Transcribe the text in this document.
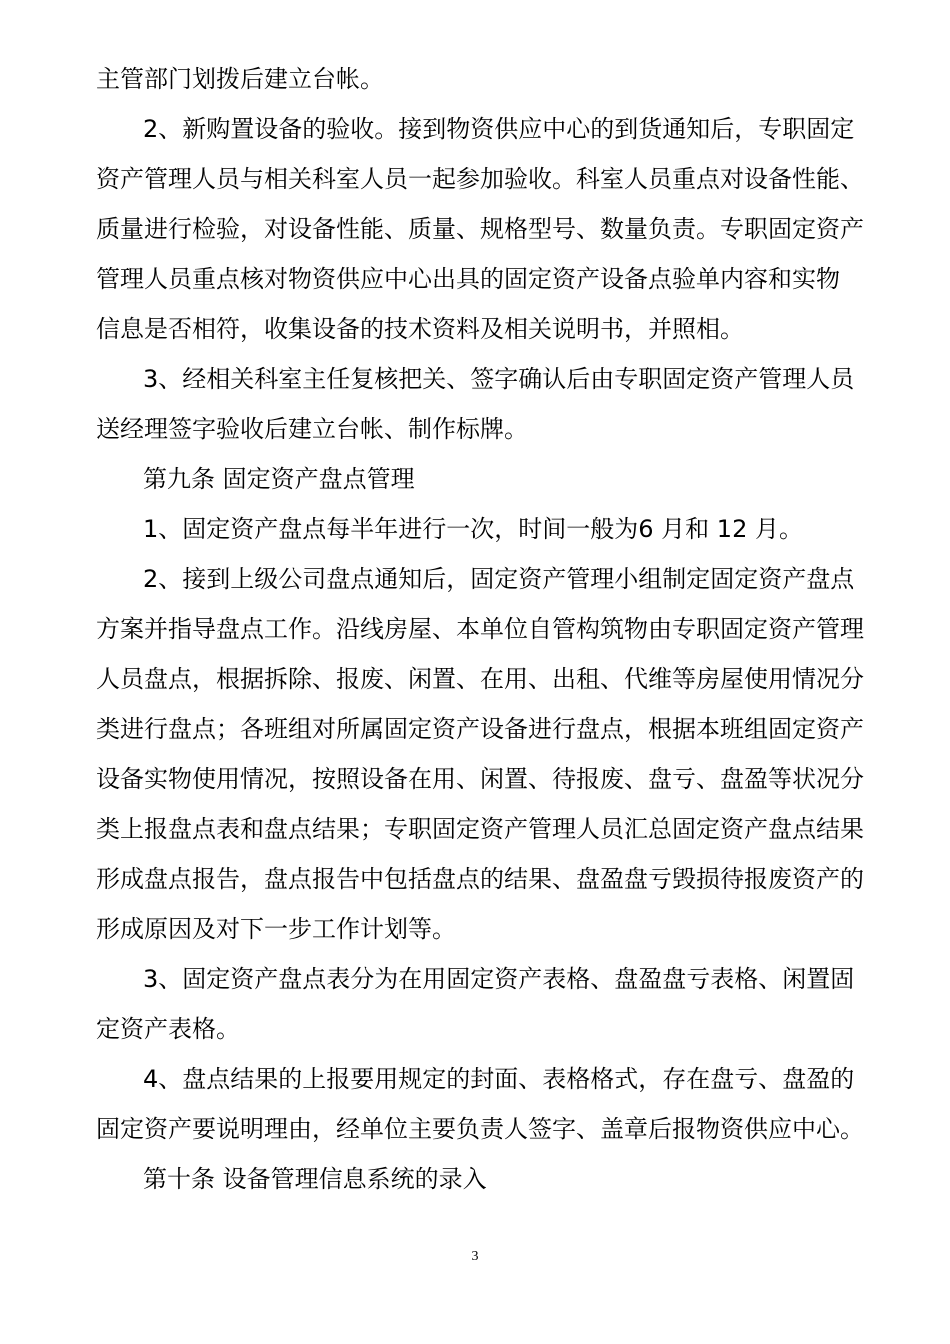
主管部门划拨后建立台帐。
2、新购置设备的验收。接到物资供应中心的到货通知后，专职固定
资产管理人员与相关科室人员一起参加验收。科室人员重点对设备性能、
质量进行检验，对设备性能、质量、规格型号、数量负责。专职固定资产
管理人员重点核对物资供应中心出具的固定资产设备点验单内容和实物
信息是否相符，收集设备的技术资料及相关说明书，并照相。
3、经相关科室主任复核把关、签字确认后由专职固定资产管理人员
送经理签字验收后建立台帐、制作标牌。
第九条 固定资产盘点管理
1、固定资产盘点每半年进行一次，时间一般为6 月和 12 月。
2、接到上级公司盘点通知后，固定资产管理小组制定固定资产盘点
方案并指导盘点工作。沿线房屋、本单位自管构筑物由专职固定资产管理
人员盘点，根据拆除、报废、闲置、在用、出租、代维等房屋使用情况分
类进行盘点；各班组对所属固定资产设备进行盘点，根据本班组固定资产
设备实物使用情况，按照设备在用、闲置、待报废、盘亏、盘盈等状况分
类上报盘点表和盘点结果；专职固定资产管理人员汇总固定资产盘点结果
形成盘点报告，盘点报告中包括盘点的结果、盘盈盘亏毁损待报废资产的
形成原因及对下一步工作计划等。
3、固定资产盘点表分为在用固定资产表格、盘盈盘亏表格、闲置固
定资产表格。
4、盘点结果的上报要用规定的封面、表格格式，存在盘亏、盘盈的
固定资产要说明理由，经单位主要负责人签字、盖章后报物资供应中心。
第十条 设备管理信息系统的录入
3
